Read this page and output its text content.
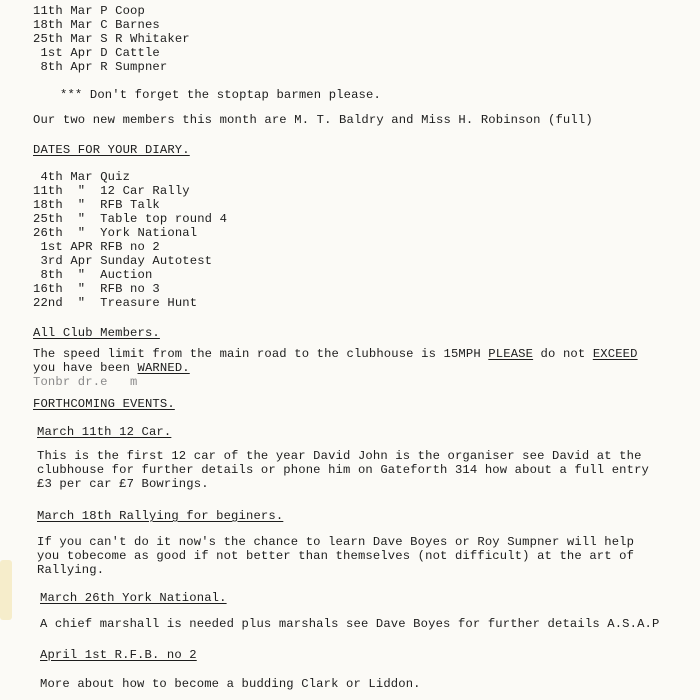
11th Mar P Coop
18th Mar C Barnes
25th Mar S R Whitaker
1st Apr D Cattle
8th Apr R Sumpner
*** Don't forget the stoptap barmen please.
Our two new members this month are M. T. Baldry and Miss H. Robinson (full)
DATES FOR YOUR DIARY.
4th Mar Quiz
11th  "  12 Car Rally
18th  "  RFB Talk
25th  "  Table top round 4
26th  "  York National
1st APR RFB no 2
3rd Apr Sunday Autotest
8th  "  Auction
16th  "  RFB no 3
22nd  "  Treasure Hunt
All Club Members.
The speed limit from the main road to the clubhouse is 15MPH PLEASE do not EXCEED
you have been WARNED.
Tonbr dr.e   m
FORTHCOMING EVENTS.
March 11th 12 Car.
This is the first 12 car of the year David John is the organiser see David at the
clubhouse for further details or phone him on Gateforth 314 how about a full entry
£3 per car £7 Bowrings.
March 18th Rallying for beginers.
If you can't do it now's the chance to learn Dave Boyes or Roy Sumpner will help
you tobecome as good if not better than themselves (not difficult) at the art of
Rallying.
March 26th York National.
A chief marshall is needed plus marshals see Dave Boyes for further details A.S.A.P
April 1st R.F.B. no 2
More about how to become a budding Clark or Liddon.
